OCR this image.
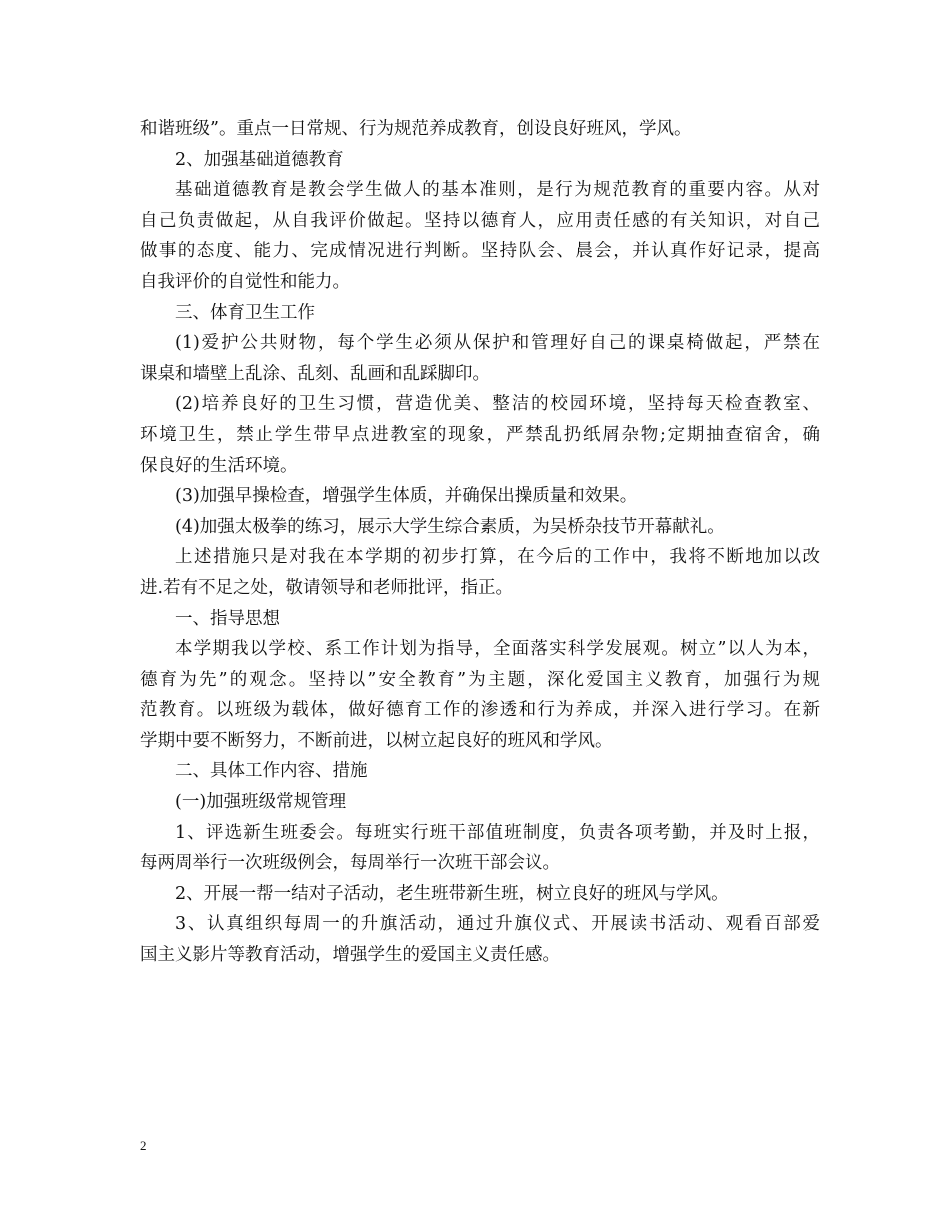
和谐班级”。重点一日常规、行为规范养成教育，创设良好班风，学风。
2、加强基础道德教育
基础道德教育是教会学生做人的基本准则，是行为规范教育的重要内容。从对
自己负责做起，从自我评价做起。坚持以德育人，应用责任感的有关知识，对自己
做事的态度、能力、完成情况进行判断。坚持队会、晨会，并认真作好记录，提高
自我评价的自觉性和能力。
三、体育卫生工作
(1)爱护公共财物，每个学生必须从保护和管理好自己的课桌椅做起，严禁在
课桌和墙壁上乱涂、乱刻、乱画和乱踩脚印。
(2)培养良好的卫生习惯，营造优美、整洁的校园环境，坚持每天检查教室、
环境卫生，禁止学生带早点进教室的现象，严禁乱扔纸屑杂物;定期抽查宿舍，确
保良好的生活环境。
(3)加强早操检查，增强学生体质，并确保出操质量和效果。
(4)加强太极拳的练习，展示大学生综合素质，为吴桥杂技节开幕献礼。
上述措施只是对我在本学期的初步打算，在今后的工作中，我将不断地加以改
进.若有不足之处，敬请领导和老师批评，指正。
一、指导思想
本学期我以学校、系工作计划为指导，全面落实科学发展观。树立”以人为本，
德育为先”的观念。坚持以”安全教育”为主题，深化爱国主义教育，加强行为规
范教育。以班级为载体，做好德育工作的渗透和行为养成，并深入进行学习。在新
学期中要不断努力，不断前进，以树立起良好的班风和学风。
二、具体工作内容、措施
(一)加强班级常规管理
1、评选新生班委会。每班实行班干部值班制度，负责各项考勤，并及时上报，
每两周举行一次班级例会，每周举行一次班干部会议。
2、开展一帮一结对子活动，老生班带新生班，树立良好的班风与学风。
3、认真组织每周一的升旗活动，通过升旗仪式、开展读书活动、观看百部爱
国主义影片等教育活动，增强学生的爱国主义责任感。
2
